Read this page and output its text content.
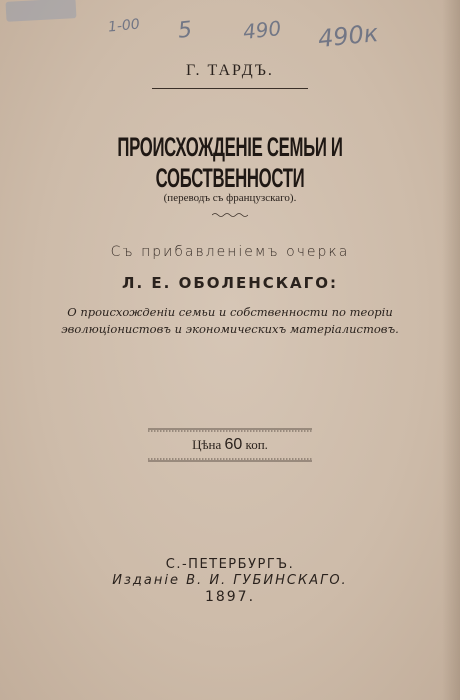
1-00 5 490 490к
Г. ТАРДЪ.
ПРОИСХОЖДЕНІЕ СЕМЬИ И СОБСТВЕННОСТИ
(переводъ съ французскаго).
Съ прибавленіемъ очерка
Л. Е. ОБОЛЕНСКАГО:
О происхожденіи семьи и собственности по теоріи эволюціонистовъ и экономическихъ матеріалистовъ.
Цѣна 60 коп.
С.-ПЕТЕРБУРГЪ.
Изданіе В. И. ГУБИНСКАГО.
1897.
